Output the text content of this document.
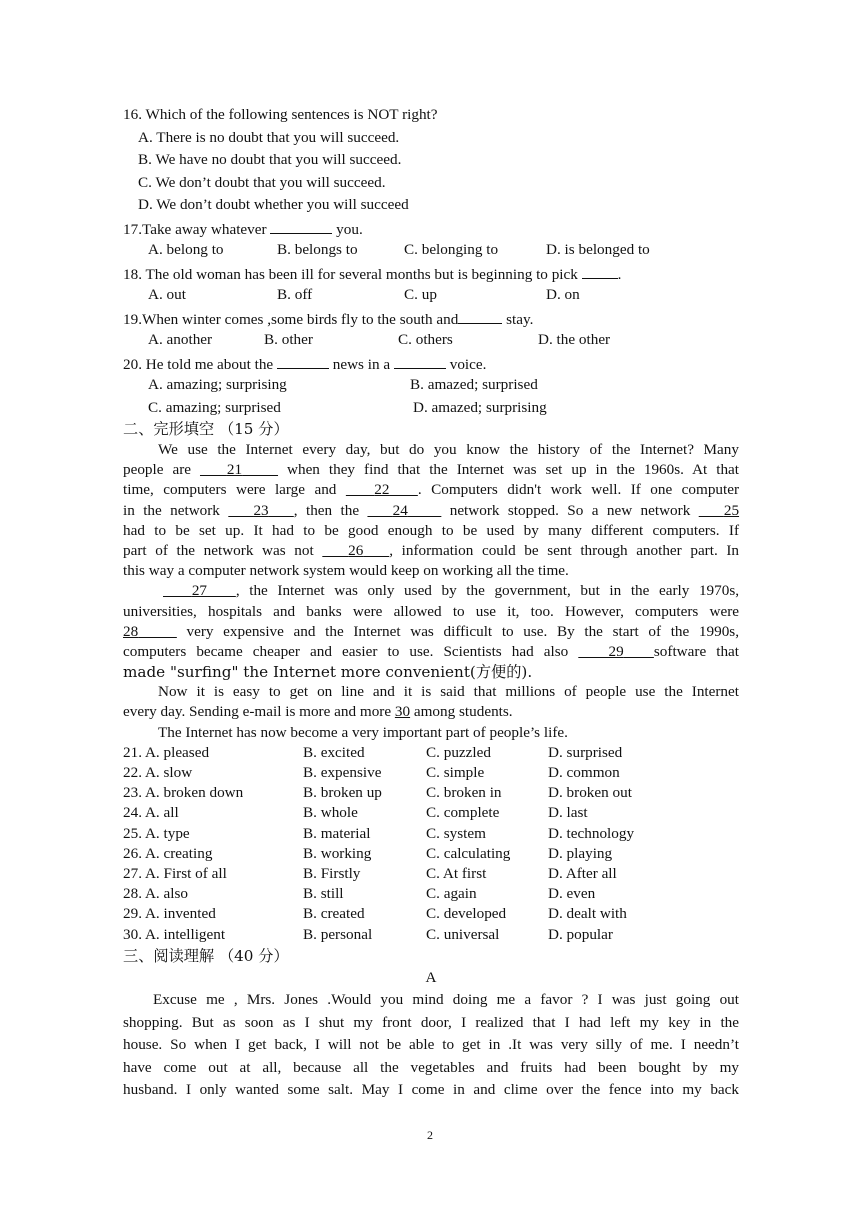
16. Which of the following sentences is NOT right?
A. There is no doubt that you will succeed.
B. We have no doubt that you will succeed.
C. We don’t doubt that you will succeed.
D. We don’t doubt whether you will succeed
17.Take away whatever	you.
A. belong to	B. belongs to	C. belonging to	D. is belonged to
18. The old woman has been ill for several months but is beginning to pick .
A. out	B. off	C. up	D. on
19.When winter comes ,some birds fly to the south and	stay.
A. another	B. other	C. others	D. the other
20. He told me about the	news in a	voice.
A. amazing; surprising	B. amazed; surprised
C. amazing; surprised	D. amazed; surprising
二、完形填空 （15 分）
We use the Internet every day, but do you know the history of the Internet? Many
people are    21     when they find that the Internet was set up in the 1960s. At that
time, computers were large and    22 . Computers didn't work well. If one computer
in the network    23 , then the    24     network stopped. So a new network    25
had to be set up. It had to be good enough to be used by many different computers. If
part of the network was not    26 , information could be sent through another part. In
this way a computer network system would keep on working all the time.
27 , the Internet was only used by the government, but in the early 1970s,
universities, hospitals and banks were allowed to use it, too. However, computers were
28	very expensive and the Internet was difficult to use. By the start of the 1990s,
computers became cheaper and easier to use. Scientists had also    29 software that
made "surfing" the Internet more convenient(方便的).
Now it is easy to get on line and it is said that millions of people use the Internet
every day. Sending e-mail is more and more 30 among students.
The Internet has now become a very important part of people’s life.
21. A. pleased	B. excited	C. puzzled	D. surprised
22. A. slow	B. expensive	C. simple	D. common
23. A. broken down	B. broken up	C. broken in	D. broken out
24. A. all	B. whole	C. complete	D. last
25. A. type	B. material	C. system	D. technology
26. A. creating	B. working	C. calculating D. playing
27. A. First of all	B. Firstly	C. At first	D. After all
28. A. also	B. still	C. again	D. even
29. A. invented	B. created	C. developed	D. dealt with
30. A. intelligent	B. personal	C. universal	D. popular
三、阅读理解 （40 分）
A
Excuse me , Mrs. Jones .Would you mind doing me a favor ? I was just going out
shopping. But as soon as I shut my front door, I realized that I had left my key in the
house. So when I get back, I will not be able to get in .It was very silly of me. I needn’t
have come out at all, because all the vegetables and fruits had been bought by my
husband. I only wanted some salt. May I come in and clime over the fence into my back
2
